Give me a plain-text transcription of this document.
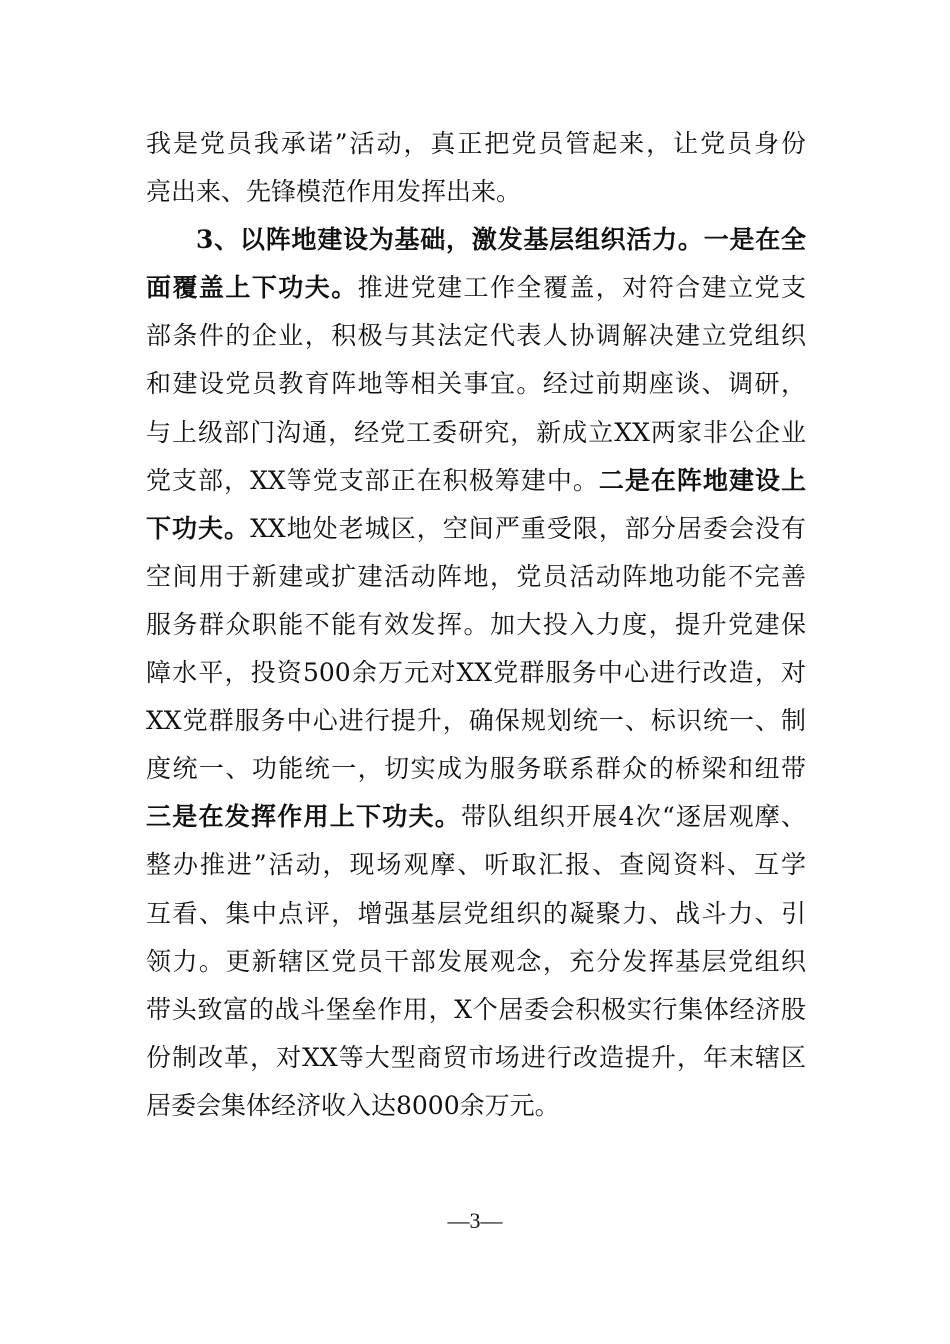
我是党员我承诺”活动，真正把党员管起来，让党员身份
亮出来、先锋模范作用发挥出来。
3、以阵地建设为基础，激发基层组织活力。一是在全
面覆盖上下功夫。推进党建工作全覆盖，对符合建立党支
部条件的企业，积极与其法定代表人协调解决建立党组织
和建设党员教育阵地等相关事宜。经过前期座谈、调研，
与上级部门沟通，经党工委研究，新成立XX两家非公企业
党支部，XX等党支部正在积极筹建中。二是在阵地建设上
下功夫。XX地处老城区，空间严重受限，部分居委会没有
空间用于新建或扩建活动阵地，党员活动阵地功能不完善
服务群众职能不能有效发挥。加大投入力度，提升党建保
障水平，投资500余万元对XX党群服务中心进行改造，对
XX党群服务中心进行提升，确保规划统一、标识统一、制
度统一、功能统一，切实成为服务联系群众的桥梁和纽带
三是在发挥作用上下功夫。带队组织开展4次“逐居观摩、
整办推进”活动，现场观摩、听取汇报、查阅资料、互学
互看、集中点评，增强基层党组织的凝聚力、战斗力、引
领力。更新辖区党员干部发展观念，充分发挥基层党组织
带头致富的战斗堡垒作用，X个居委会积极实行集体经济股
份制改革，对XX等大型商贸市场进行改造提升，年末辖区
居委会集体经济收入达8000余万元。
—3—
